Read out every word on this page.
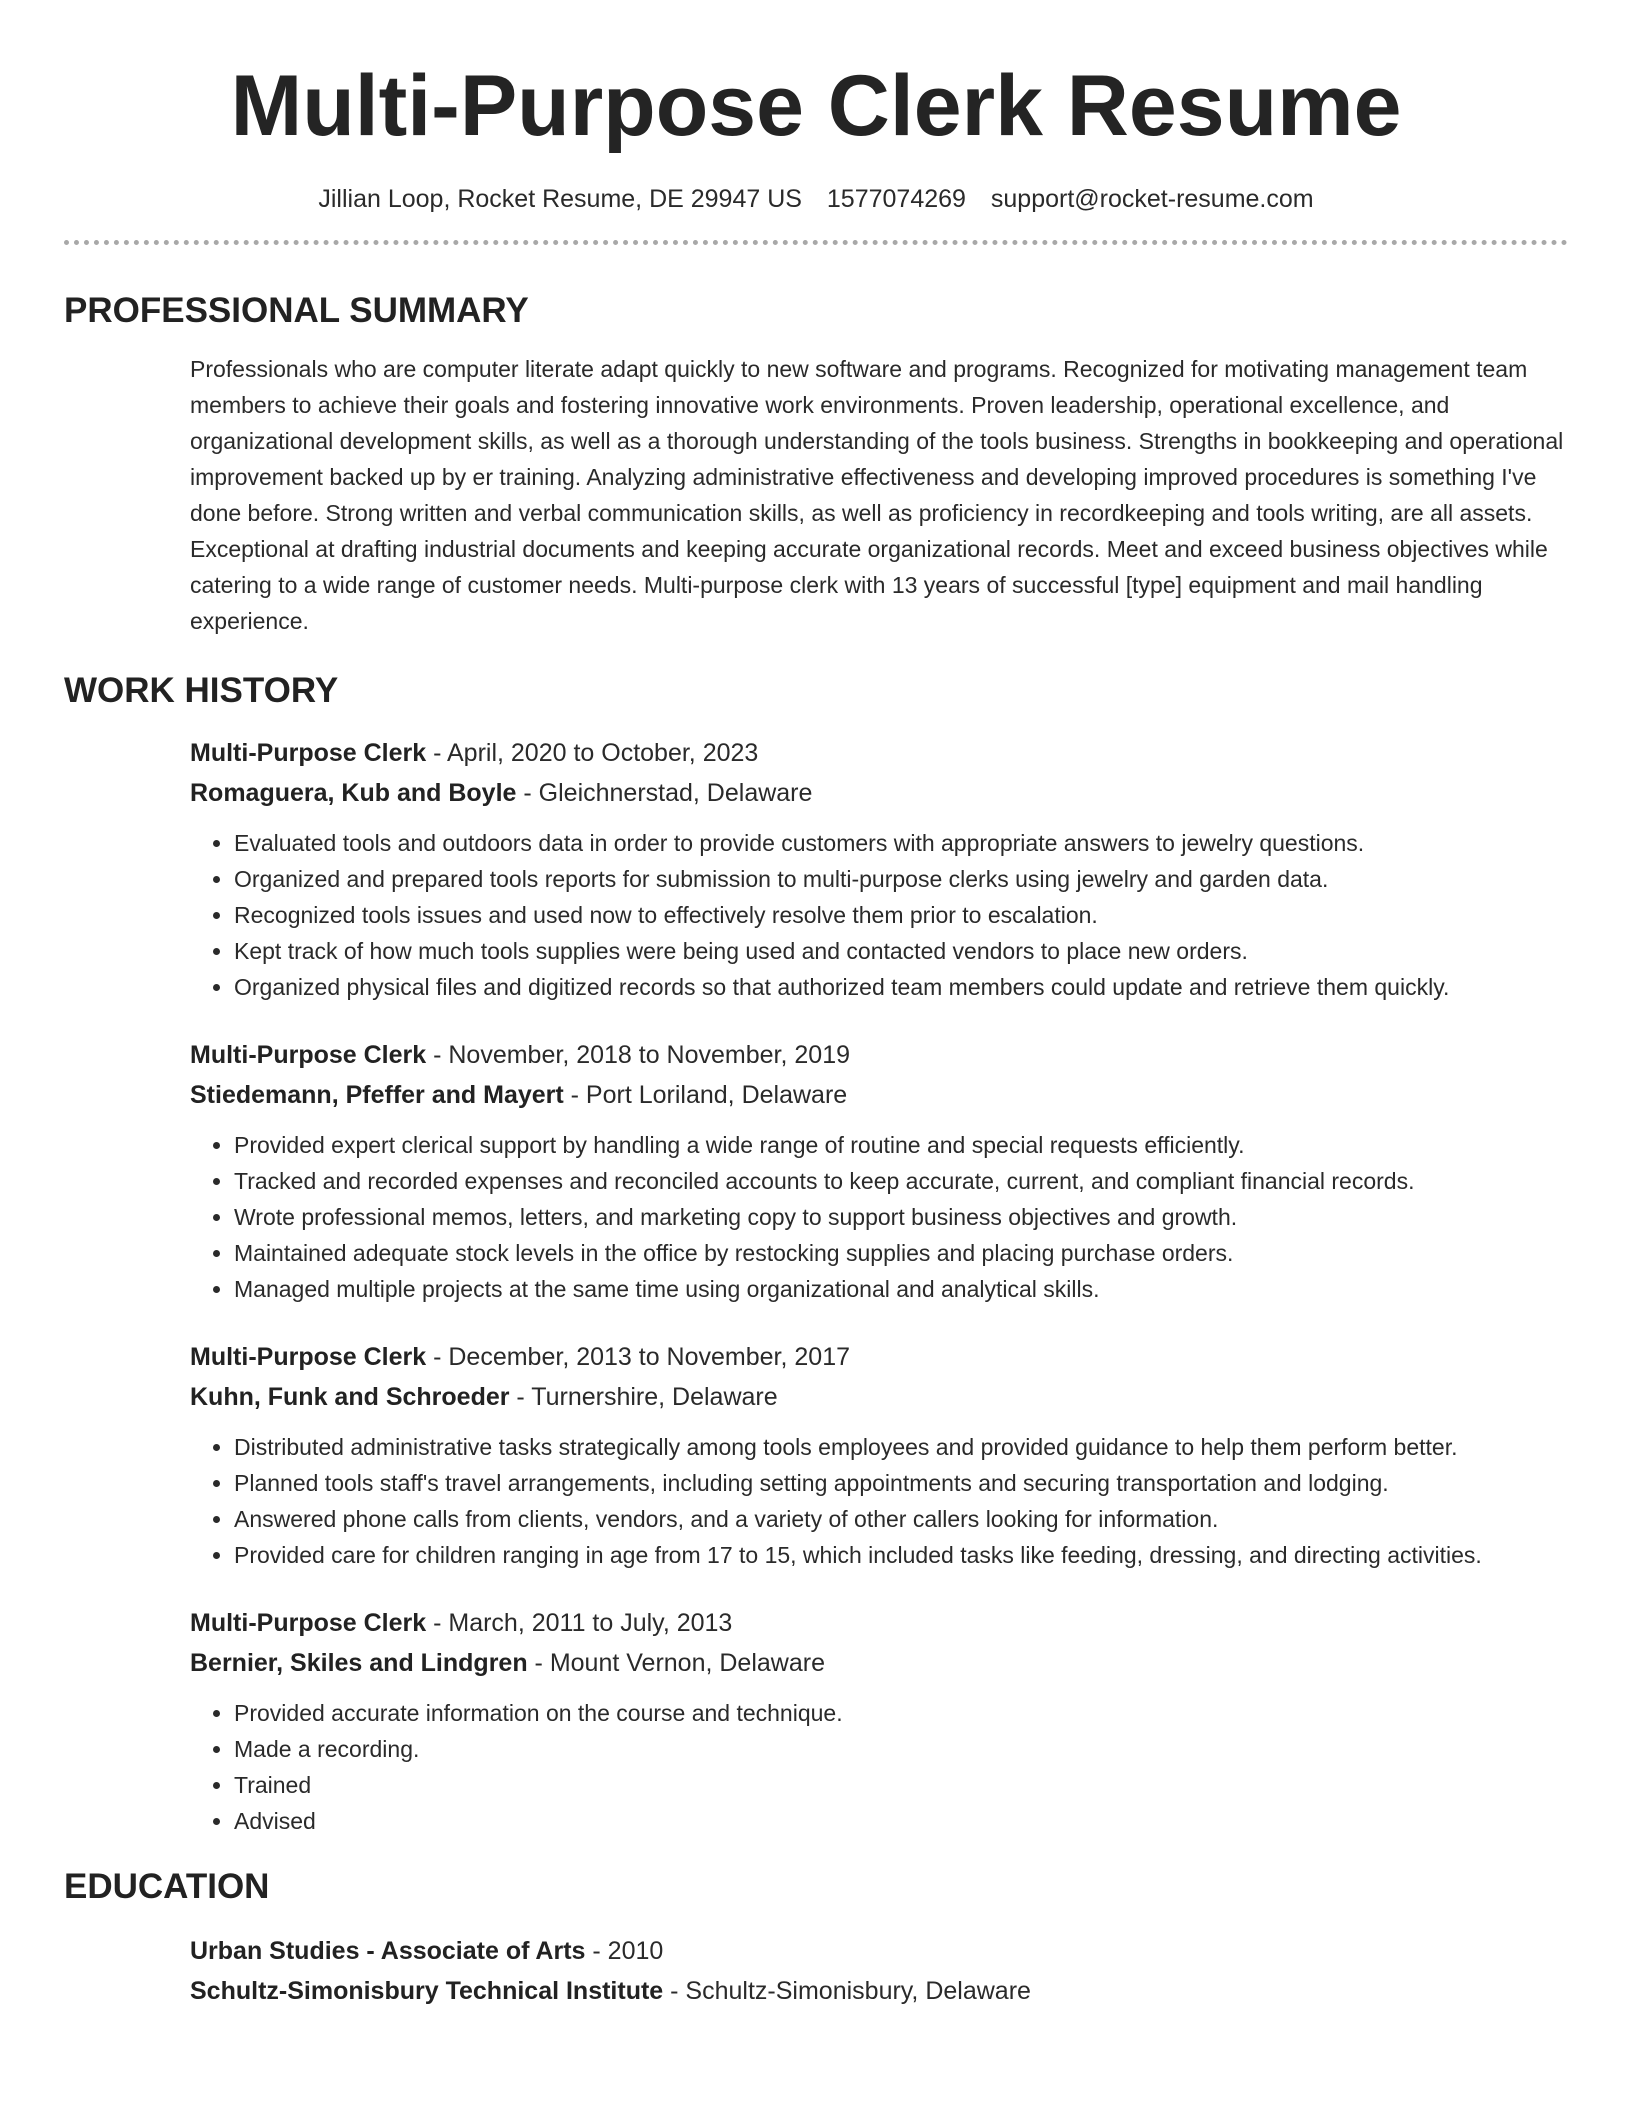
Multi-Purpose Clerk Resume
Jillian Loop, Rocket Resume, DE 29947 US 1577074269 support@rocket-resume.com
PROFESSIONAL SUMMARY

Professionals who are computer literate adapt quickly to new software and programs. Recognized for motivating management team members to achieve their goals and fostering innovative work environments. Proven leadership, operational excellence, and organizational development skills, as well as a thorough understanding of the tools business. Strengths in bookkeeping and operational improvement backed up by er training. Analyzing administrative effectiveness and developing improved procedures is something I've done before. Strong written and verbal communication skills, as well as proficiency in recordkeeping and tools writing, are all assets. Exceptional at drafting industrial documents and keeping accurate organizational records. Meet and exceed business objectives while catering to a wide range of customer needs. Multi-purpose clerk with 13 years of successful [type] equipment and mail handling experience.

WORK HISTORY
Multi-Purpose Clerk - April, 2020 to October, 2023
Romaguera, Kub and Boyle - Gleichnerstad, Delaware
• Evaluated tools and outdoors data in order to provide customers with appropriate answers to jewelry questions.
• Organized and prepared tools reports for submission to multi-purpose clerks using jewelry and garden data.
• Recognized tools issues and used now to effectively resolve them prior to escalation.
• Kept track of how much tools supplies were being used and contacted vendors to place new orders.
• Organized physical files and digitized records so that authorized team members could update and retrieve them quickly.
Multi-Purpose Clerk - November, 2018 to November, 2019
Stiedemann, Pfeffer and Mayert - Port Loriland, Delaware
• Provided expert clerical support by handling a wide range of routine and special requests efficiently.
• Tracked and recorded expenses and reconciled accounts to keep accurate, current, and compliant financial records.
• Wrote professional memos, letters, and marketing copy to support business objectives and growth.
• Maintained adequate stock levels in the office by restocking supplies and placing purchase orders.
• Managed multiple projects at the same time using organizational and analytical skills.
Multi-Purpose Clerk - December, 2013 to November, 2017
Kuhn, Funk and Schroeder - Turnershire, Delaware
• Distributed administrative tasks strategically among tools employees and provided guidance to help them perform better.
• Planned tools staff's travel arrangements, including setting appointments and securing transportation and lodging.
• Answered phone calls from clients, vendors, and a variety of other callers looking for information.
• Provided care for children ranging in age from 17 to 15, which included tasks like feeding, dressing, and directing activities.
Multi-Purpose Clerk - March, 2011 to July, 2013
Bernier, Skiles and Lindgren - Mount Vernon, Delaware
• Provided accurate information on the course and technique.
• Made a recording.
• Trained
• Advised
EDUCATION
Urban Studies - Associate of Arts - 2010
Schultz-Simonisbury Technical Institute - Schultz-Simonisbury, Delaware
